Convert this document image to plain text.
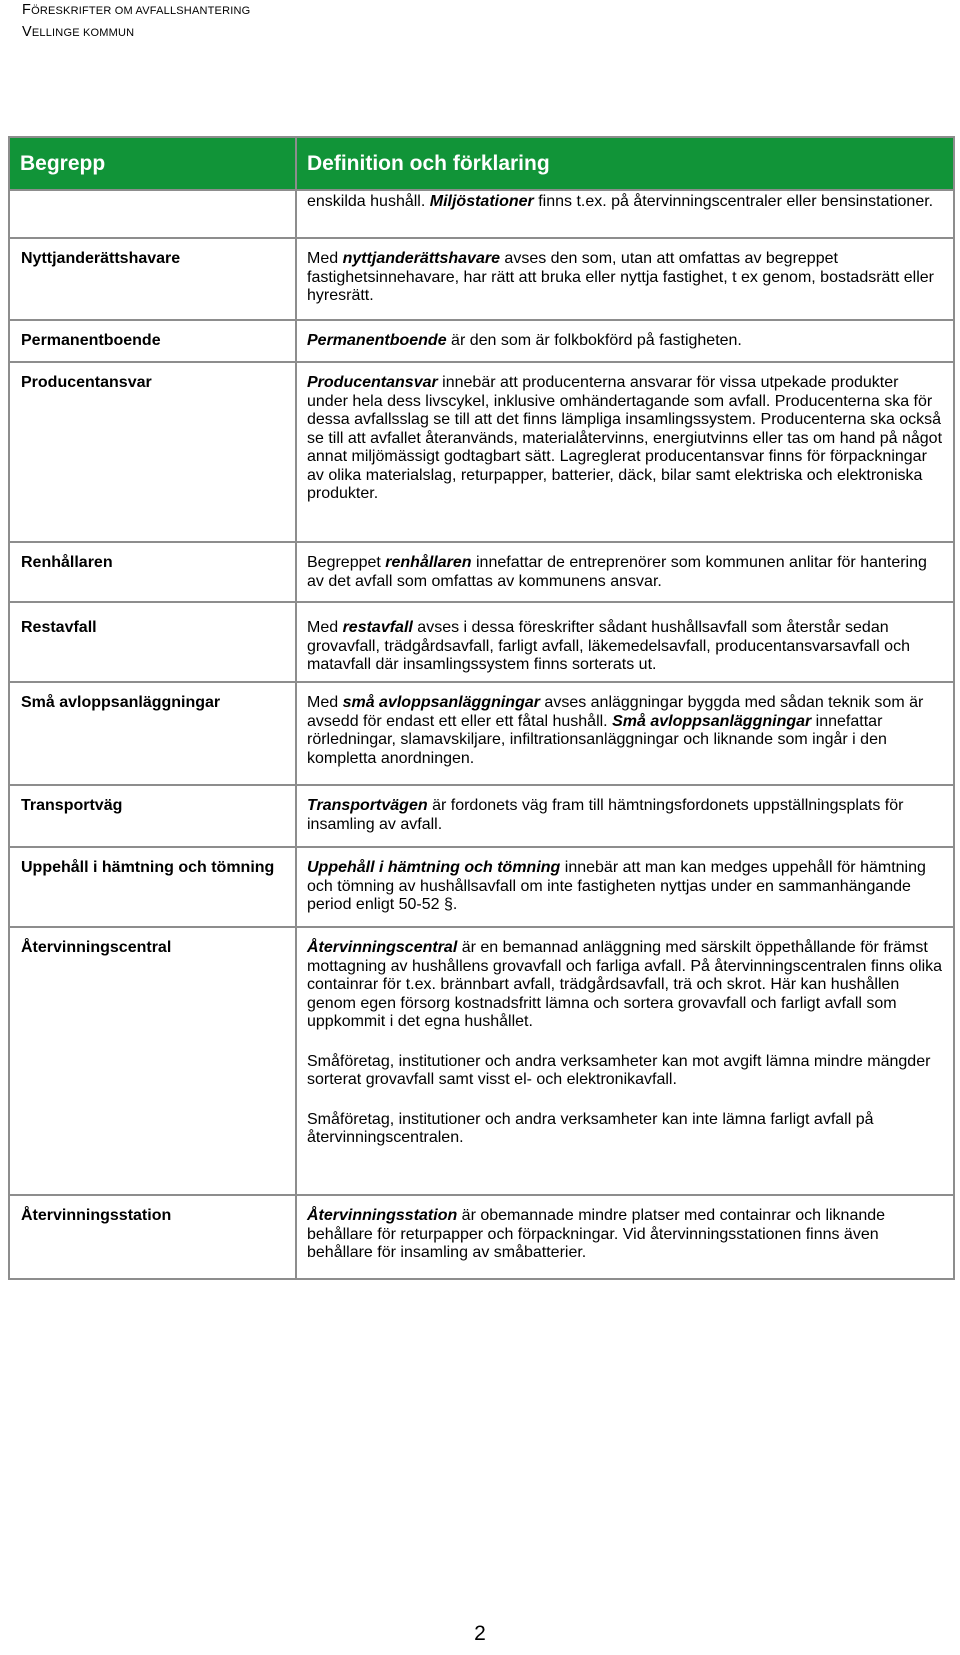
FÖRESKRIFTER OM AVFALLSHANTERING
VELLINGE KOMMUN
Begrepp	Definition och förklaring
	enskilda hushåll. Miljöstationer finns t.ex. på återvinningscentraler eller bensinstationer.
Nyttjanderättshavare	Med nyttjanderättshavare avses den som, utan att omfattas av begreppet fastighetsinnehavare, har rätt att bruka eller nyttja fastighet, t ex genom, bostadsrätt eller hyresrätt.
Permanentboende	Permanentboende är den som är folkbokförd på fastigheten.
Producentansvar	Producentansvar innebär att producenterna ansvarar för vissa utpekade produkter under hela dess livscykel, inklusive omhändertagande som avfall. Producenterna ska för dessa avfallsslag se till att det finns lämpliga insamlingssystem. Producenterna ska också se till att avfallet återanvänds, materialåtervinns, energiutvinns eller tas om hand på något annat miljömässigt godtagbart sätt. Lagreglerat producentansvar finns för förpackningar av olika materialslag, returpapper, batterier, däck, bilar samt elektriska och elektroniska produkter.
Renhållaren	Begreppet renhållaren innefattar de entreprenörer som kommunen anlitar för hantering av det avfall som omfattas av kommunens ansvar.
Restavfall	Med restavfall avses i dessa föreskrifter sådant hushållsavfall som återstår sedan grovavfall, trädgårdsavfall, farligt avfall, läkemedelsavfall, producentansvarsavfall och matavfall där insamlingssystem finns sorterats ut.
Små avloppsanläggningar	Med små avloppsanläggningar avses anläggningar byggda med sådan teknik som är avsedd för endast ett eller ett fåtal hushåll. Små avloppsanläggningar innefattar rörledningar, slamavskiljare, infiltrationsanläggningar och liknande som ingår i den kompletta anordningen.
Transportväg	Transportvägen är fordonets väg fram till hämtningsfordonets uppställningsplats för insamling av avfall.
Uppehåll i hämtning och tömning	Uppehåll i hämtning och tömning innebär att man kan medges uppehåll för hämtning och tömning av hushållsavfall om inte fastigheten nyttjas under en sammanhängande period enligt 50-52 §.
Återvinningscentral	Återvinningscentral är en bemannad anläggning med särskilt öppethållande för främst mottagning av hushållens grovavfall och farliga avfall. På återvinningscentralen finns olika containrar för t.ex. brännbart avfall, trädgårdsavfall, trä och skrot. Här kan hushållen genom egen försorg kostnadsfritt lämna och sortera grovavfall och farligt avfall som uppkommit i det egna hushållet.

Småföretag, institutioner och andra verksamheter kan mot avgift lämna mindre mängder sorterat grovavfall samt visst el- och elektronikavfall.

Småföretag, institutioner och andra verksamheter kan inte lämna farligt avfall på återvinningscentralen.

Återvinningsstation	Återvinningsstation är obemannade mindre platser med containrar och liknande behållare för returpapper och förpackningar. Vid återvinningsstationen finns även behållare för insamling av småbatterier.
2
